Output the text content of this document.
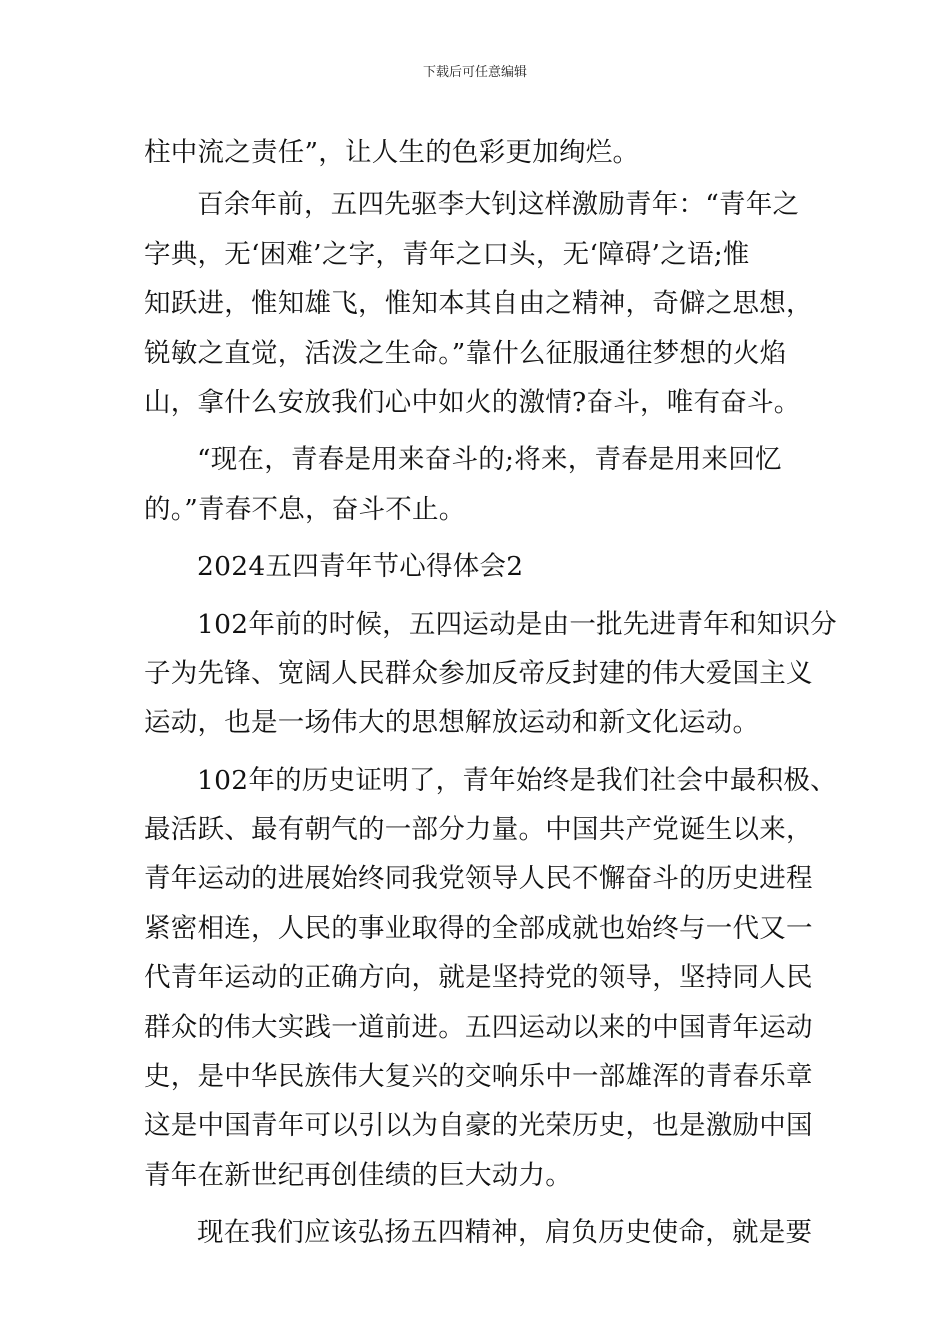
下载后可任意编辑
柱中流之责任”，让人生的色彩更加绚烂。
百余年前，五四先驱李大钊这样激励青年：“青年之
字典，无‘困难’之字，青年之口头，无‘障碍’之语;惟
知跃进，惟知雄飞，惟知本其自由之精神，奇僻之思想，
锐敏之直觉，活泼之生命。”靠什么征服通往梦想的火焰
山，拿什么安放我们心中如火的激情?奋斗，唯有奋斗。
“现在，青春是用来奋斗的;将来，青春是用来回忆
的。”青春不息，奋斗不止。
2024五四青年节心得体会2
102年前的时候，五四运动是由一批先进青年和知识分
子为先锋、宽阔人民群众参加反帝反封建的伟大爱国主义
运动，也是一场伟大的思想解放运动和新文化运动。
102年的历史证明了，青年始终是我们社会中最积极、
最活跃、最有朝气的一部分力量。中国共产党诞生以来，
青年运动的进展始终同我党领导人民不懈奋斗的历史进程
紧密相连，人民的事业取得的全部成就也始终与一代又一
代青年运动的正确方向，就是坚持党的领导，坚持同人民
群众的伟大实践一道前进。五四运动以来的中国青年运动
史，是中华民族伟大复兴的交响乐中一部雄浑的青春乐章
这是中国青年可以引以为自豪的光荣历史，也是激励中国
青年在新世纪再创佳绩的巨大动力。
现在我们应该弘扬五四精神，肩负历史使命，就是要
